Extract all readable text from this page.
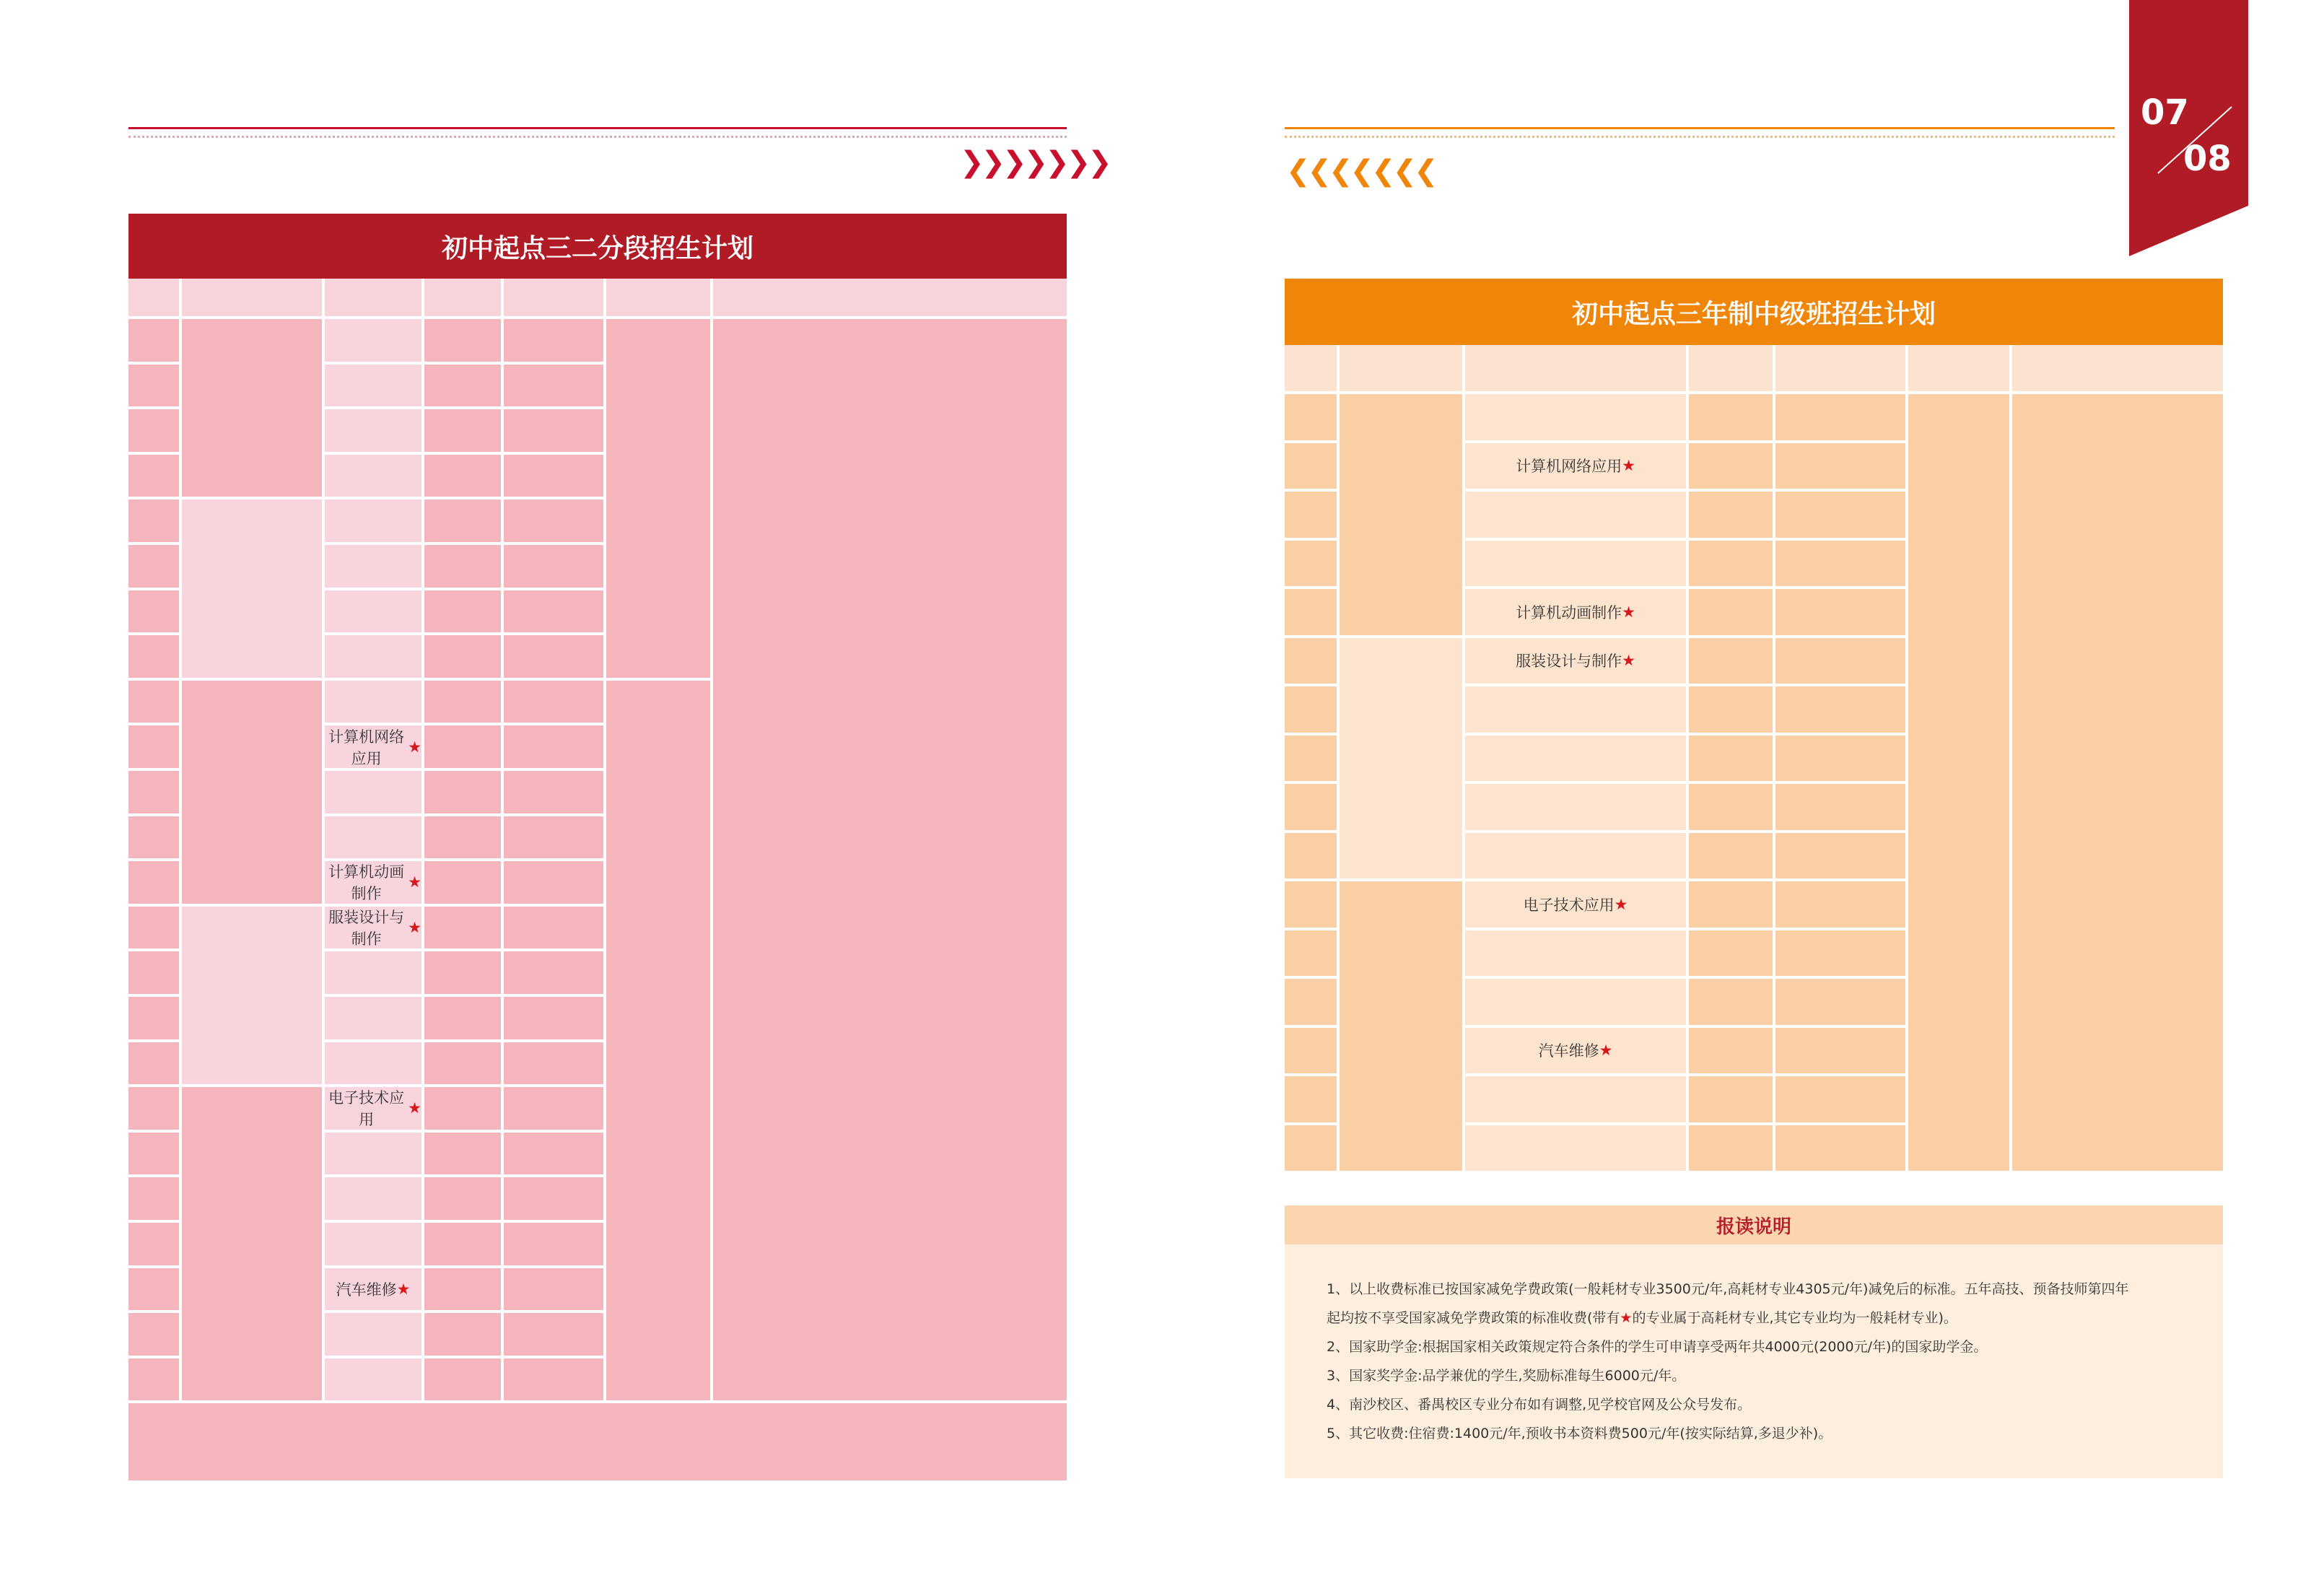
❯❯❯❯❯❯❯	❮❮❮❮❮❮❮
07
08
初中起点三二分段招生计划
计算机网络应用
★
计算机动画制作
★
服装设计与制作
★
电子技术应用
★
汽车维修 ★
初中起点三年制中级班招生计划
计算机网络应用 ★
计算机动画制作 ★
服装设计与制作 ★
电子技术应用 ★
汽车维修 ★
报读说明
1、以上收费标准已按国家减免学费政策(一般耗材专业3500元/年,高耗材专业4305元/年)减免后的标准。五年高技、预备技师第四年
起均按不享受国家减免学费政策的标准收费(带有★的专业属于高耗材专业,其它专业均为一般耗材专业)。
2、国家助学金:根据国家相关政策规定符合条件的学生可申请享受两年共4000元(2000元/年)的国家助学金。
3、国家奖学金:品学兼优的学生,奖励标准每生6000元/年。
4、南沙校区、番禺校区专业分布如有调整,见学校官网及公众号发布。
5、其它收费:住宿费:1400元/年,预收书本资料费500元/年(按实际结算,多退少补)。
